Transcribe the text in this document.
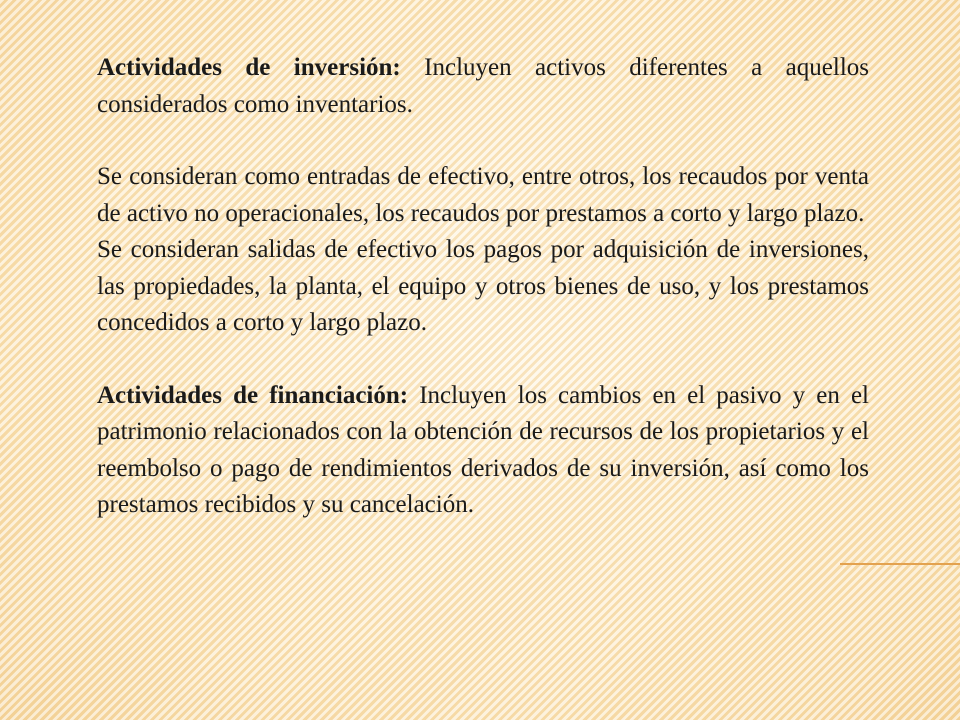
Actividades de inversión: Incluyen activos diferentes a aquellos considerados como inventarios.

Se consideran como entradas de efectivo, entre otros, los recaudos por venta de activo no operacionales, los recaudos por prestamos a corto y largo plazo.

Se consideran salidas de efectivo los pagos por adquisición de inversiones, las propiedades, la planta, el equipo y otros bienes de uso, y los prestamos concedidos a corto y largo plazo.

Actividades de financiación: Incluyen los cambios en el pasivo y en el patrimonio relacionados con la obtención de recursos de los propietarios y el reembolso o pago de rendimientos derivados de su inversión, así como los prestamos recibidos y su cancelación.
